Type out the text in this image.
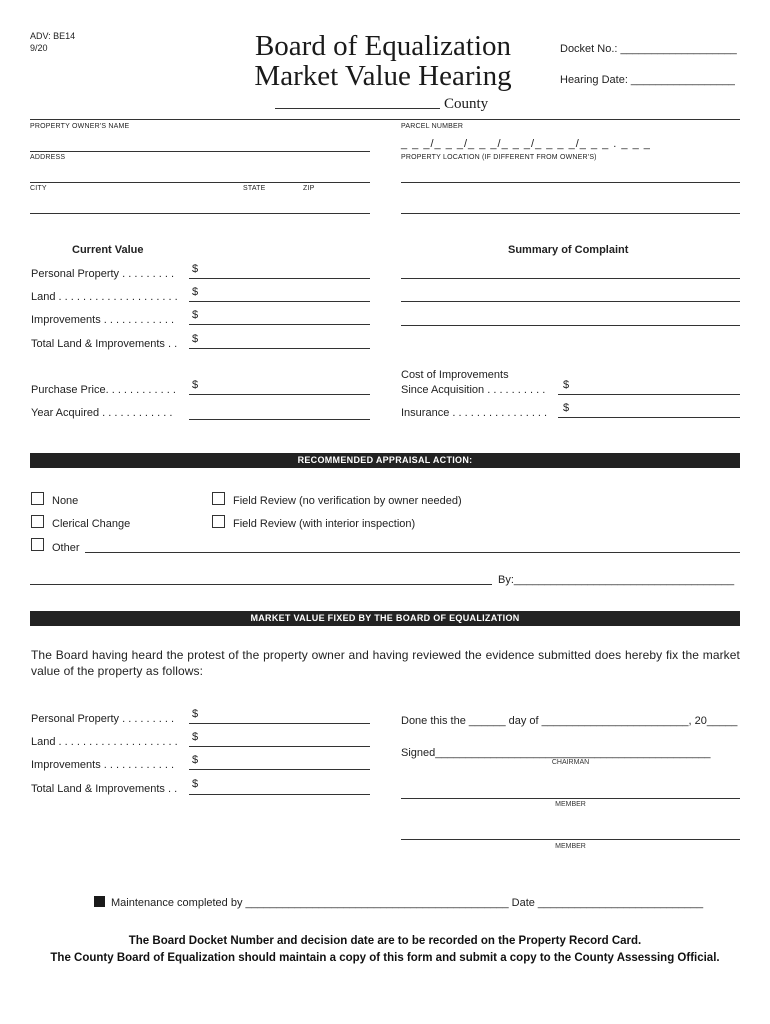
ADV: BE14
9/20	Board of Equalization
Market Value Hearing
Docket No.: ___________________
Hearing Date: _________________
County
PROPERTY OWNER'S NAME
ADDRESS
CITY	STATE	ZIP
PARCEL NUMBER
_ _ _/_ _ _/_ _ _/_ _ _/_ _ _ _/_ _ _ . _ _ _
PROPERTY LOCATION (IF DIFFERENT FROM OWNER'S)
Current Value
Personal Property . . . . . . . . . $
Land . . . . . . . . . . . . . . . . . . . . $
Improvements . . . . . . . . . . . . $
Total Land & Improvements . . $
Purchase Price. . . . . . . . . . . . $
Year Acquired . . . . . . . . . . . .
Summary of Complaint
Cost of Improvements
Since Acquisition . . . . . . . . . . $
Insurance . . . . . . . . . . . . . . . . $
RECOMMENDED APPRAISAL ACTION:
None
Clerical Change
Other
Field Review (no verification by owner needed)
Field Review (with interior inspection)
By:____________________________________
MARKET VALUE FIXED BY THE BOARD OF EQUALIZATION
The Board having heard the protest of the property owner and having reviewed the evidence submitted does hereby fix the market value of the property as follows:
Personal Property . . . . . . . . . $
Land . . . . . . . . . . . . . . . . . . . . $
Improvements . . . . . . . . . . . . $
Total Land & Improvements . . $
Done this the ______ day of ________________________, 20_____
Signed_____________________________________________
CHAIRMAN
MEMBER
MEMBER
Maintenance completed by ___________________________________________ Date ___________________________
The Board Docket Number and decision date are to be recorded on the Property Record Card.
The County Board of Equalization should maintain a copy of this form and submit a copy to the County Assessing Official.
